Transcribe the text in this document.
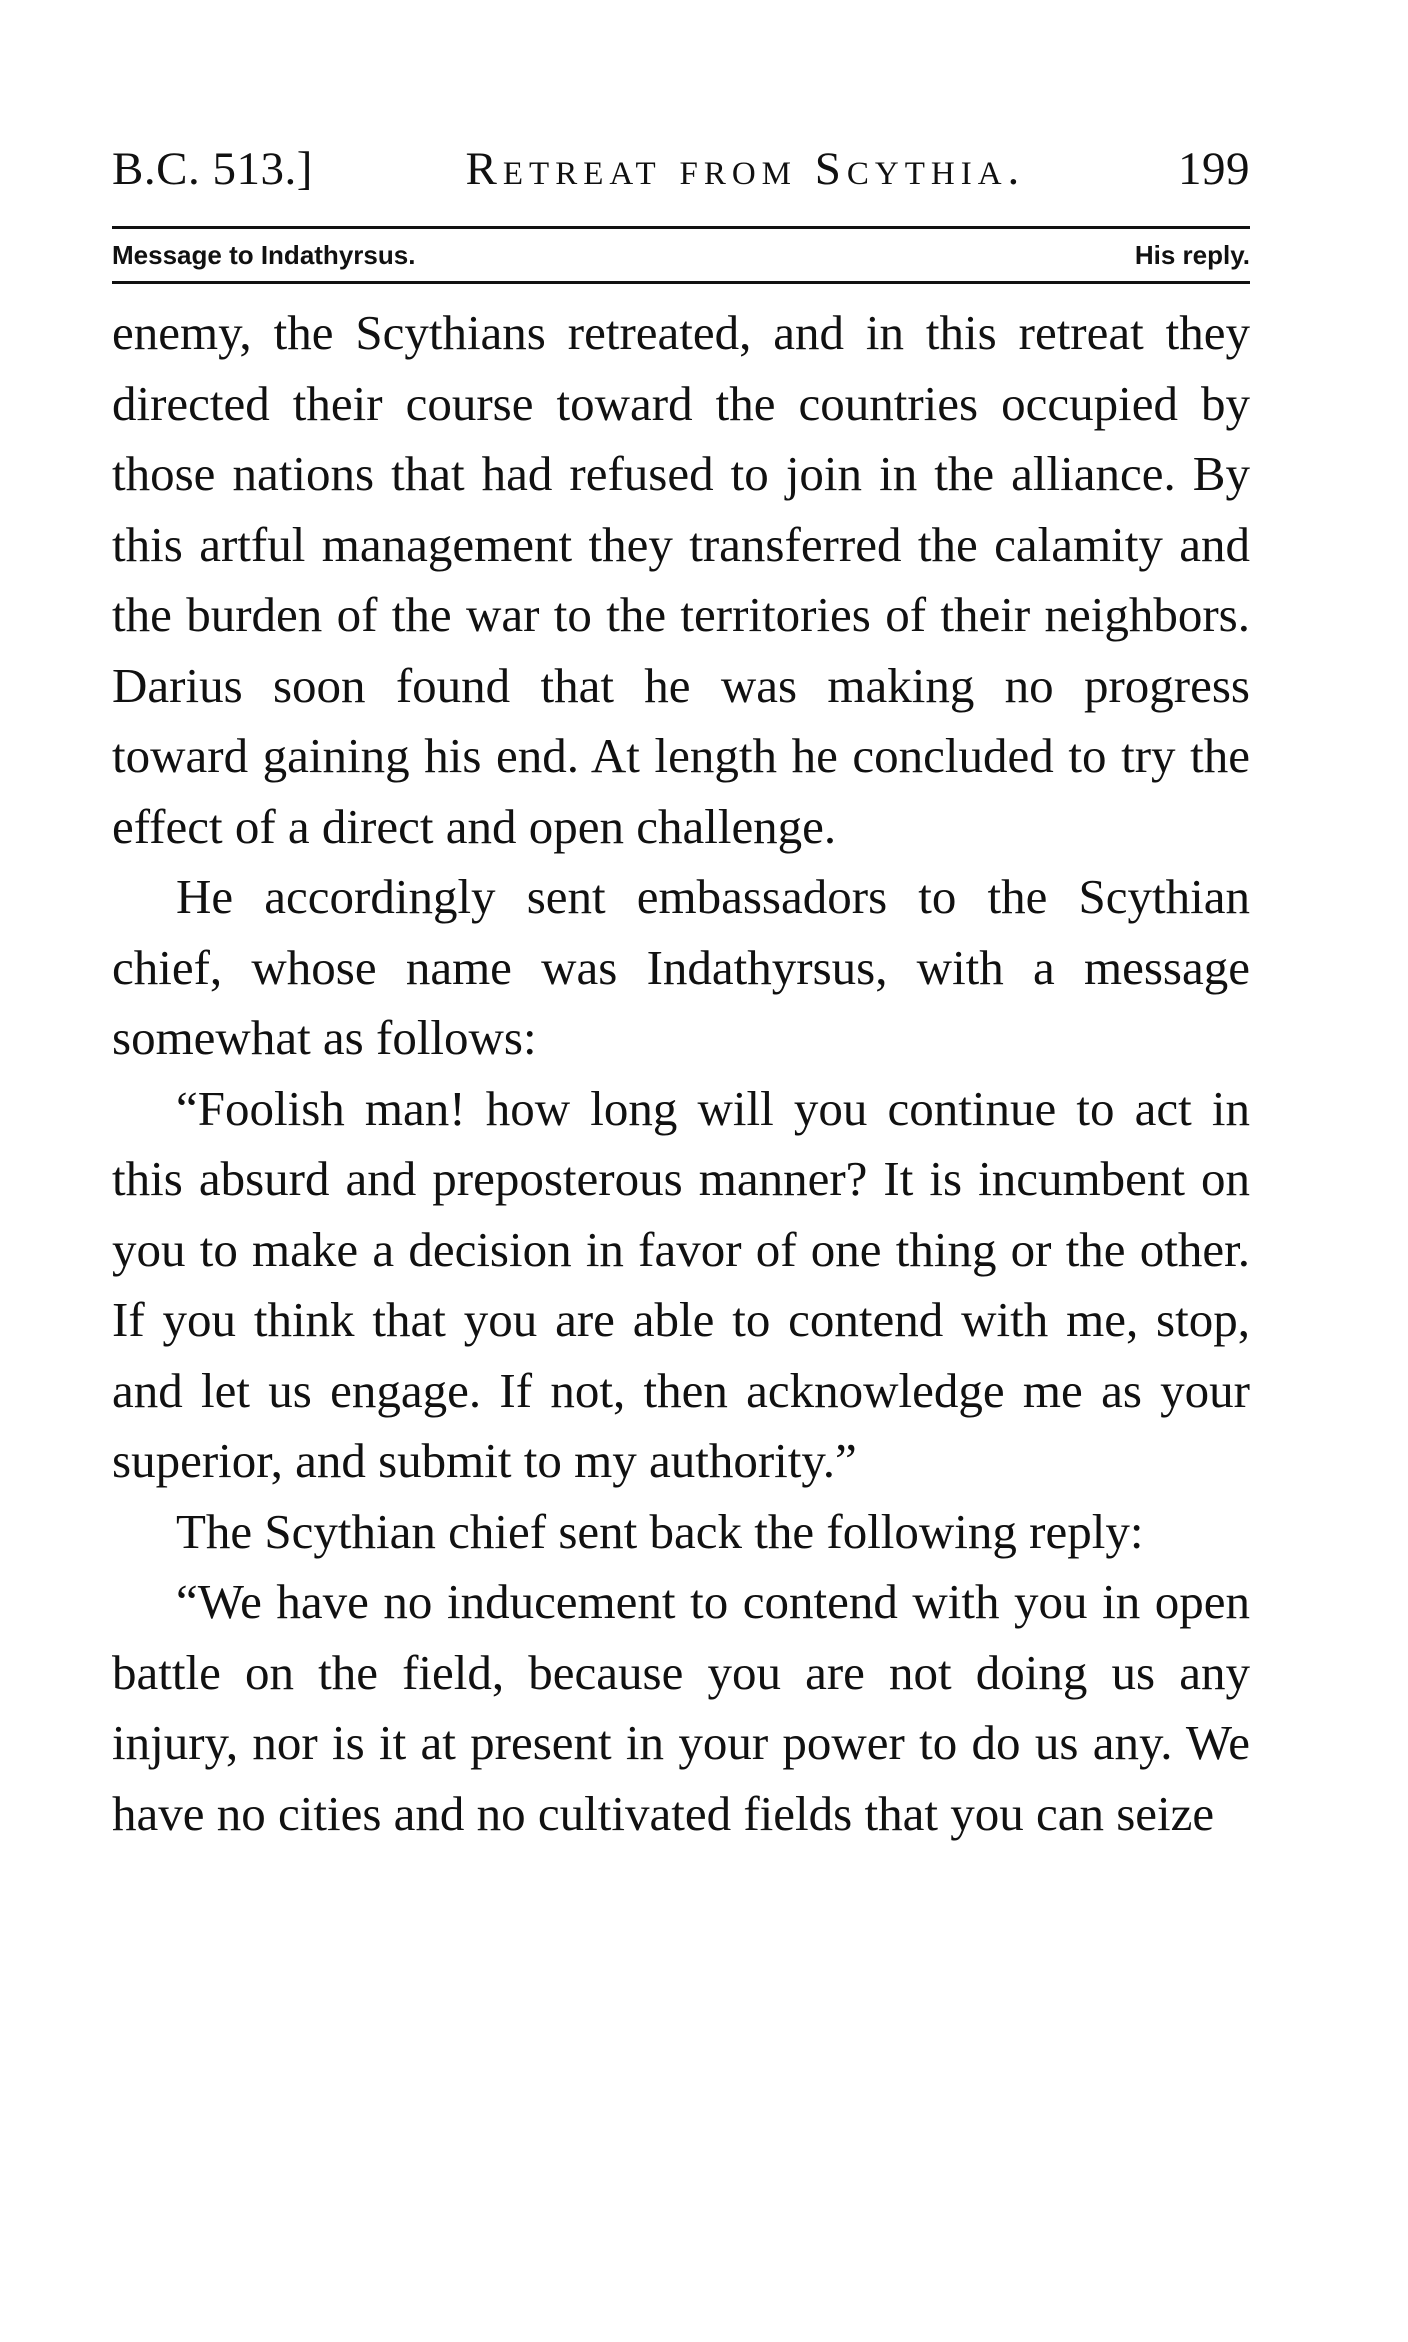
B.C. 513.]	Retreat from Scythia.	199
Message to Indathyrsus.	His reply.

enemy, the Scythians retreated, and in this retreat they directed their course toward the countries occupied by those nations that had refused to join in the alliance. By this artful management they transferred the calamity and the burden of the war to the territories of their neighbors. Darius soon found that he was making no progress toward gaining his end. At length he concluded to try the effect of a direct and open challenge.

He accordingly sent embassadors to the Scythian chief, whose name was Indathyrsus, with a message somewhat as follows:

“Foolish man! how long will you continue to act in this absurd and preposterous manner? It is incumbent on you to make a decision in favor of one thing or the other. If you think that you are able to contend with me, stop, and let us engage. If not, then acknowledge me as your superior, and submit to my authority.”

The Scythian chief sent back the following reply:

“We have no inducement to contend with you in open battle on the field, because you are not doing us any injury, nor is it at present in your power to do us any. We have no cities and no cultivated fields that you can seize
